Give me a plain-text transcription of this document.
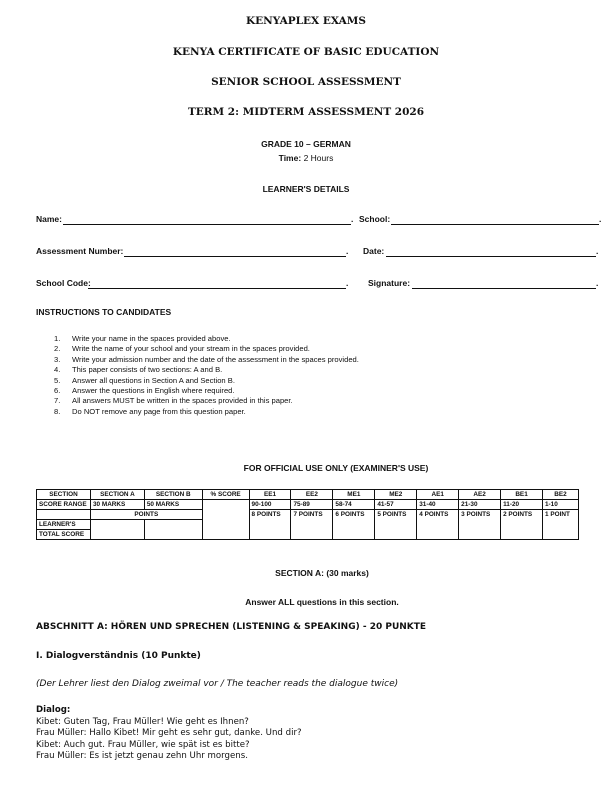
KENYAPLEX EXAMS
KENYA CERTIFICATE OF BASIC EDUCATION
SENIOR SCHOOL ASSESSMENT
TERM 2: MIDTERM ASSESSMENT 2026
GRADE 10 – GERMAN
Time: 2 Hours
LEARNER'S DETAILS
Name:	. School:	.
Assessment Number:	. Date:	.
School Code:	. Signature:	.
INSTRUCTIONS TO CANDIDATES
1. Write your name in the spaces provided above.
2. Write the name of your school and your stream in the spaces provided.
3. Write your admission number and the date of the assessment in the spaces provided.
4. This paper consists of two sections: A and B.
5. Answer all questions in Section A and Section B.
6. Answer the questions in English where required.
7. All answers MUST be written in the spaces provided in this paper.
8. Do NOT remove any page from this question paper.
FOR OFFICIAL USE ONLY (EXAMINER'S USE)
SECTION	SECTION A	SECTION B	% SCORE	EE1	EE2	ME1	ME2	AE1	AE2	BE1	BE2
SCORE RANGE	30 MARKS	50 MARKS		90-100	75-89	58-74	41-57	31-40	21-30	11-20	1-10
	POINTS			8 POINTS	7 POINTS	6 POINTS	5 POINTS	4 POINTS	3 POINTS	2 POINTS	1 POINT
LEARNER'S											
TOTAL SCORE											
SECTION A: (30 marks)
Answer ALL questions in this section.
ABSCHNITT A: HÖREN UND SPRECHEN (LISTENING & SPEAKING) - 20 PUNKTE
I. Dialogverständnis (10 Punkte)
(Der Lehrer liest den Dialog zweimal vor / The teacher reads the dialogue twice)
Dialog:
Kibet: Guten Tag, Frau Müller! Wie geht es Ihnen?
Frau Müller: Hallo Kibet! Mir geht es sehr gut, danke. Und dir?
Kibet: Auch gut. Frau Müller, wie spät ist es bitte?
Frau Müller: Es ist jetzt genau zehn Uhr morgens.
